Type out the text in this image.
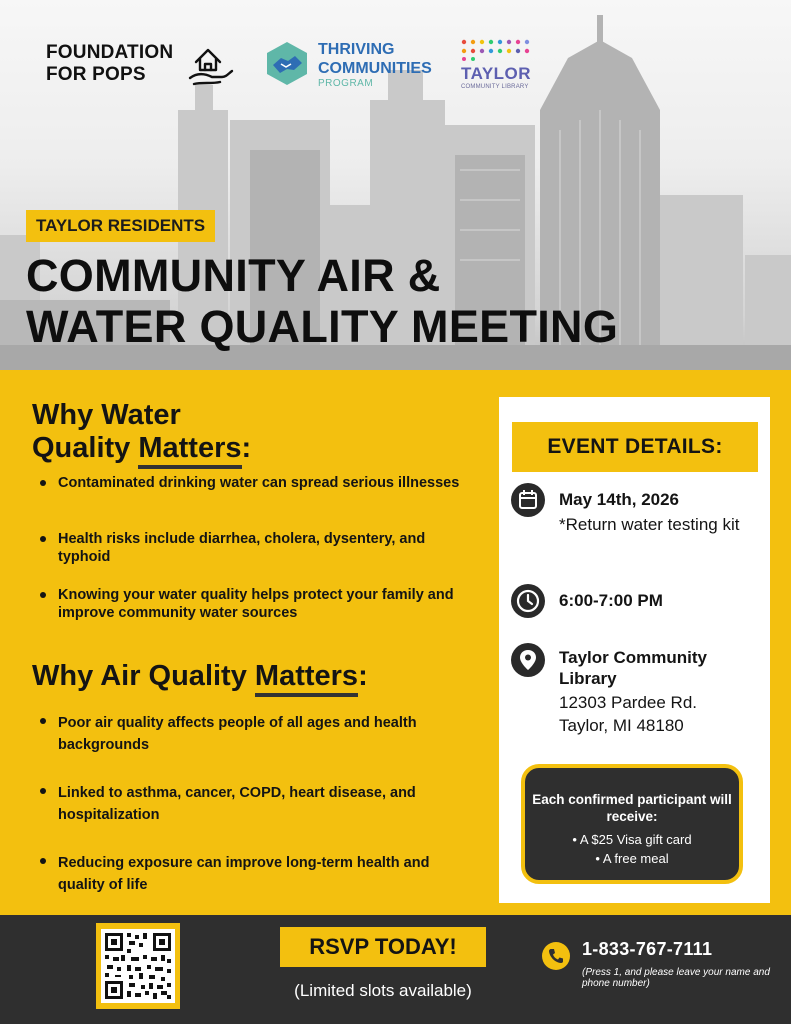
FOUNDATION
FOR POPS
THRIVING
COMMUNITIES
PROGRAM
TAYLOR
COMMUNITY LIBRARY
TAYLOR RESIDENTS
COMMUNITY AIR &
WATER QUALITY MEETING
Why Water
Quality Matters:

Contaminated drinking water can spread serious illnesses

Health risks include diarrhea, cholera, dysentery, and typhoid

Knowing your water quality helps protect your family and improve community water sources

Why Air Quality Matters:

Poor air quality affects people of all ages and health backgrounds

Linked to asthma, cancer, COPD, heart disease, and hospitalization

Reducing exposure can improve long-term health and quality of life

EVENT DETAILS:
May 14th, 2026
*Return water testing kit
6:00-7:00 PM
Taylor Community Library
12303 Pardee Rd.
Taylor, MI 48180
Each confirmed participant will receive:
• A $25 Visa gift card
• A free meal
RSVP TODAY!
(Limited slots available)
1-833-767-7111
(Press 1, and please leave your name and phone number)
